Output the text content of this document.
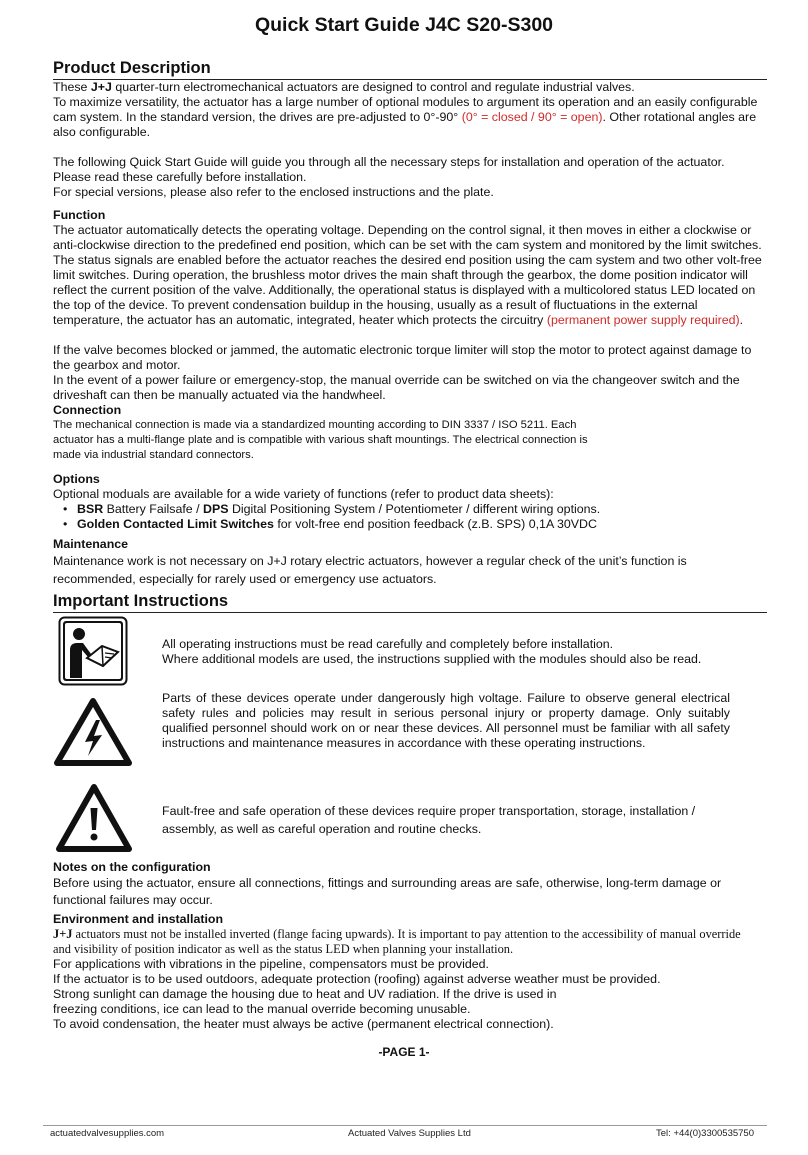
Quick Start Guide J4C S20-S300
Product Description

These J+J quarter-turn electromechanical actuators are designed to control and regulate industrial valves.

To maximize versatility, the actuator has a large number of optional modules to argument its operation and an easily configurable cam system. In the standard version, the drives are pre-adjusted to 0°-90° (0° = closed / 90° = open). Other rotational angles are also configurable.

The following Quick Start Guide will guide you through all the necessary steps for installation and operation of the actuator.

Please read these carefully before installation.

For special versions, please also refer to the enclosed instructions and the plate.

Function

The actuator automatically detects the operating voltage. Depending on the control signal, it then moves in either a clockwise or anti-clockwise direction to the predefined end position, which can be set with the cam system and monitored by the limit switches. The status signals are enabled before the actuator reaches the desired end position using the cam system and two other volt-free limit switches. During operation, the brushless motor drives the main shaft through the gearbox, the dome position indicator will reflect the current position of the valve. Additionally, the operational status is displayed with a multicolored status LED located on the top of the device. To prevent condensation buildup in the housing, usually as a result of fluctuations in the external temperature, the actuator has an automatic, integrated, heater which protects the circuitry (permanent power supply required).

If the valve becomes blocked or jammed, the automatic electronic torque limiter will stop the motor to protect against damage to the gearbox and motor.

In the event of a power failure or emergency-stop, the manual override can be switched on via the changeover switch and the driveshaft can then be manually actuated via the handwheel.

Connection

The mechanical connection is made via a standardized mounting according to DIN 3337 / ISO 5211. Each

actuator has a multi-flange plate and is compatible with various shaft mountings. The electrical connection is

made via industrial standard connectors.

Options

Optional moduals are available for a wide variety of functions (refer to product data sheets):

• BSR Battery Failsafe / DPS Digital Positioning System / Potentiometer / different wiring options.
• Golden Contacted Limit Switches for volt-free end position feedback (z.B. SPS) 0,1A 30VDC

Maintenance

Maintenance work is not necessary on J+J rotary electric actuators, however a regular check of the unit’s function is

recommended, especially for rarely used or emergency use actuators.

Important Instructions

All operating instructions must be read carefully and completely before installation.

Where additional models are used, the instructions supplied with the modules should also be read.

Parts of these devices operate under dangerously high voltage. Failure to observe general electrical safety rules and policies may result in serious personal injury or property damage. Only suitably qualified personnel should work on or near these devices. All personnel must be familiar with all safety instructions and maintenance measures in accordance with these operating instructions.

Fault-free and safe operation of these devices require proper transportation, storage, installation /

assembly, as well as careful operation and routine checks.

Notes on the configuration

Before using the actuator, ensure all connections, fittings and surrounding areas are safe, otherwise, long-term damage or

functional failures may occur.

Environment and installation

J+J actuators must not be installed inverted (flange facing upwards). It is important to pay attention to the accessibility of manual override

and visibility of position indicator as well as the status LED when planning your installation.

For applications with vibrations in the pipeline, compensators must be provided.

If the actuator is to be used outdoors, adequate protection (roofing) against adverse weather must be provided.

Strong sunlight can damage the housing due to heat and UV radiation. If the drive is used in

freezing conditions, ice can lead to the manual override becoming unusable.

To avoid condensation, the heater must always be active (permanent electrical connection).

-PAGE 1-
actuatedvalvesupplies.com	Actuated Valves Supplies Ltd	Tel: +44(0)3300535750
